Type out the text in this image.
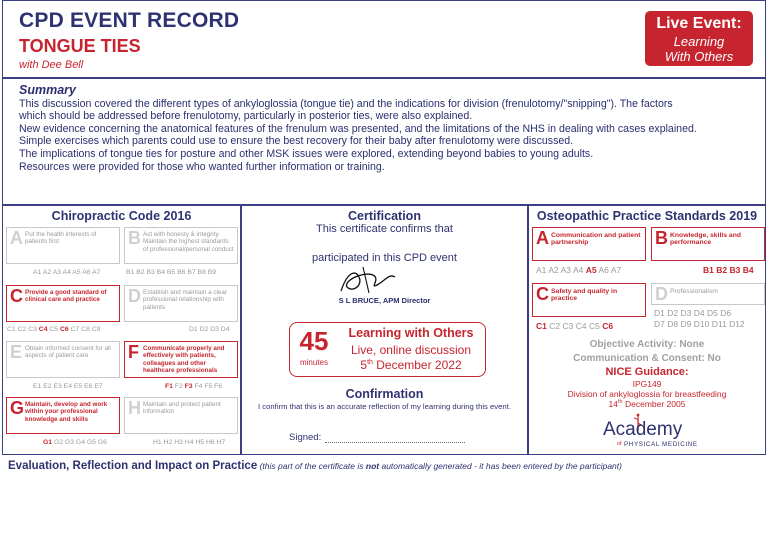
CPD EVENT RECORD
TONGUE TIES
with Dee Bell
Live Event:
Learning
With Others
Summary

This discussion covered the different types of ankyloglossia (tongue tie) and the indications for division (frenulotomy/"snipping"). The factors

which should be addressed before frenulotomy, particularly in posterior ties, were also explained.

New evidence concerning the anatomical features of the frenulum was presented, and the limitations of the NHS in dealing with cases explained.

Simple exercises which parents could use to ensure the best recovery for their baby after frenulotomy were discussed.

The implications of tongue ties for posture and other MSK issues were explored, extending beyond babies to young adults.

Resources were provided for those who wanted further information or training.

Chiropractic Code 2016
A Put the health interests of patients first
A1 A2 A3 A4 A5 A6 A7
B Act with honesty & integrity. Maintain the highest standards of professional/personal conduct
B1 B2 B3 B4 B5 B6 B7 B8 B9
C Provide a good standard of clinical care and practice
C1 C2 C3 C4 C5 C6 C7 C8 C9
D Establish and maintain a clear professional relationship with patients
D1 D2 D3 D4
E Obtain informed consent for all aspects of patient care
E1 E2 E3 E4 E5 E6 E7
F Communicate properly and effectively with patients, colleagues and other healthcare professionals
F1 F2 F3 F4 F5 F6
G Maintain, develop and work within your professional knowledge and skills
G1 G2 G3 G4 G5 G6
H Maintain and protect patient information
H1 H2 H3 H4 H5 H6 H7
Certification
This certificate confirms that
participated in this CPD event
S L BRUCE, APM Director
45
minutes
Learning with Others
Live, online discussion
5th December 2022
Confirmation
I confirm that this is an accurate reflection of my learning during this event.
Signed:
Osteopathic Practice Standards 2019
A Communication and patient partnership
A1 A2 A3 A4 A5 A6 A7
B Knowledge, skills and performance
B1 B2 B3 B4
C Safety and quality in practice
C1 C2 C3 C4 C5 C6
D Professionalism
D1 D2 D3 D4 D5 D6
D7 D8 D9 D10 D11 D12
Objective Activity: None
Communication & Consent: No
NICE Guidance:
IPG149
Division of ankyloglossia for breastfeeding
14th December 2005
Academy
of PHYSICAL MEDICINE
Evaluation, Reflection and Impact on Practice (this part of the certificate is not automatically generated - it has been entered by the participant)
